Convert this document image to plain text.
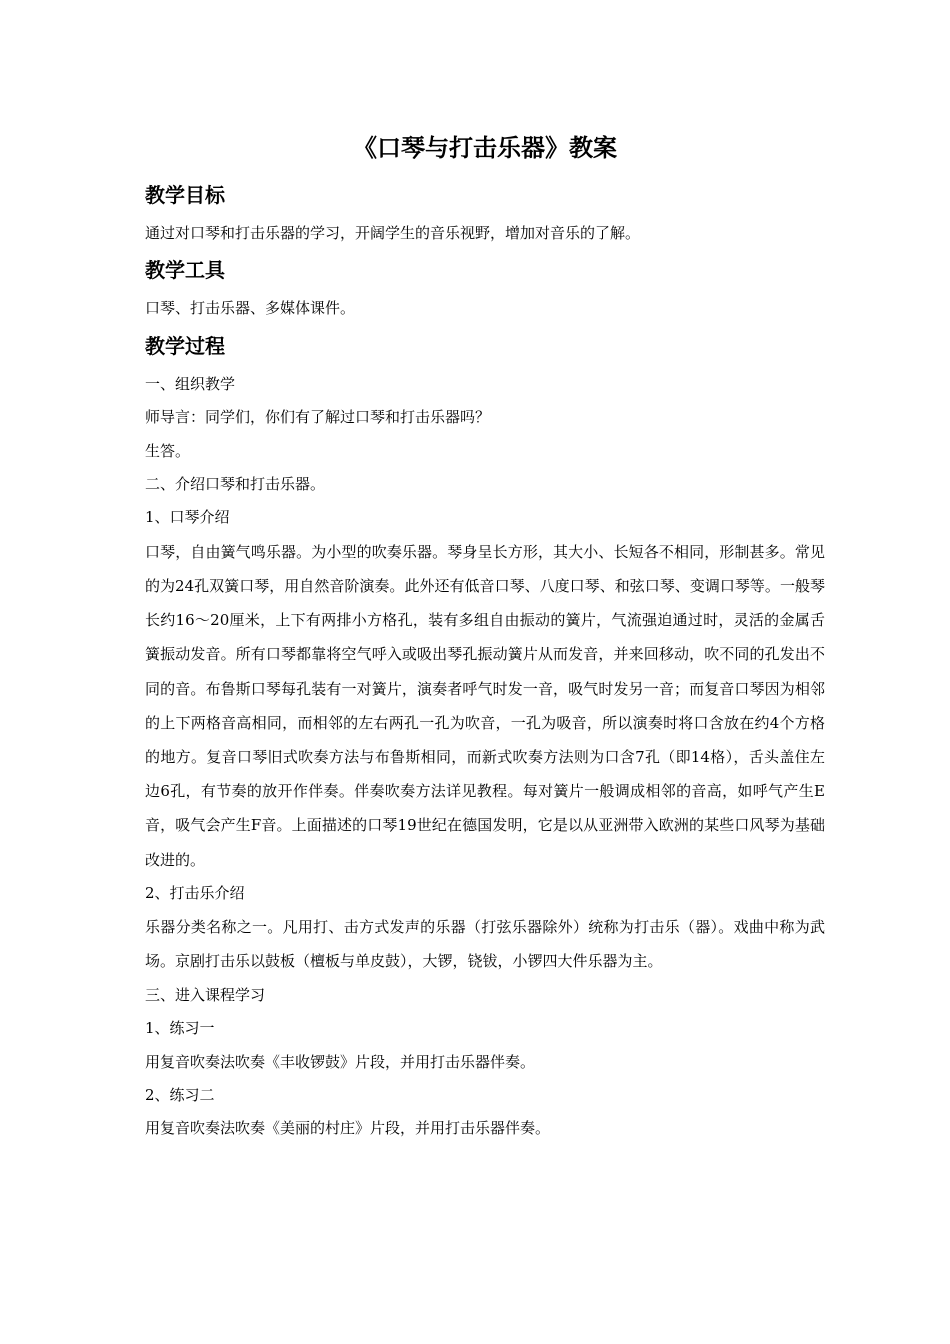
《口琴与打击乐器》教案
教学目标

通过对口琴和打击乐器的学习，开阔学生的音乐视野，增加对音乐的了解。

教学工具

口琴、打击乐器、多媒体课件。

教学过程

一、组织教学

师导言：同学们，你们有了解过口琴和打击乐器吗？

生答。

二、介绍口琴和打击乐器。

1、口琴介绍

口琴，自由簧气鸣乐器。为小型的吹奏乐器。琴身呈长方形，其大小、长短各不相同，形制甚多。常见的为24孔双簧口琴，用自然音阶演奏。此外还有低音口琴、八度口琴、和弦口琴、变调口琴等。一般琴长约16～20厘米，上下有两排小方格孔，装有多组自由振动的簧片，气流强迫通过时，灵活的金属舌簧振动发音。所有口琴都靠将空气呼入或吸出琴孔振动簧片从而发音，并来回移动，吹不同的孔发出不同的音。布鲁斯口琴每孔装有一对簧片，演奏者呼气时发一音，吸气时发另一音；而复音口琴因为相邻的上下两格音高相同，而相邻的左右两孔一孔为吹音，一孔为吸音，所以演奏时将口含放在约4个方格的地方。复音口琴旧式吹奏方法与布鲁斯相同，而新式吹奏方法则为口含7孔（即14格），舌头盖住左边6孔，有节奏的放开作伴奏。伴奏吹奏方法详见教程。每对簧片一般调成相邻的音高，如呼气产生E音，吸气会产生F音。上面描述的口琴19世纪在德国发明，它是以从亚洲带入欧洲的某些口风琴为基础改进的。

2、打击乐介绍

乐器分类名称之一。凡用打、击方式发声的乐器（打弦乐器除外）统称为打击乐（器）。戏曲中称为武场。京剧打击乐以鼓板（檀板与单皮鼓），大锣，铙钹，小锣四大件乐器为主。

三、进入课程学习

1、练习一

用复音吹奏法吹奏《丰收锣鼓》片段，并用打击乐器伴奏。

2、练习二

用复音吹奏法吹奏《美丽的村庄》片段，并用打击乐器伴奏。
